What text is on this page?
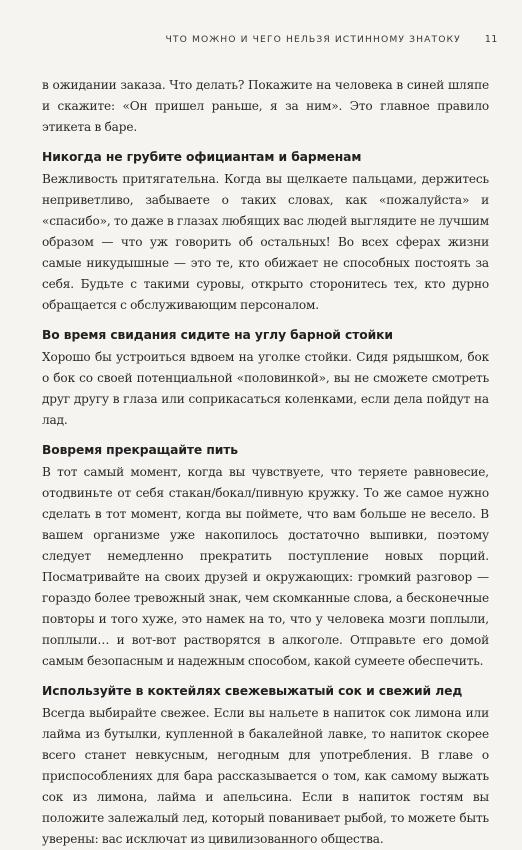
ЧТО МОЖНО И ЧЕГО НЕЛЬЗЯ ИСТИННОМУ ЗНАТОКУ	11

в ожидании заказа. Что делать? Покажите на человека в синей шляпе и скажите: «Он пришел раньше, я за ним». Это главное правило этикета в баре.

Никогда не грубите официантам и барменам

Вежливость притягательна. Когда вы щелкаете пальцами, держитесь неприветливо, забываете о таких словах, как «пожалуйста» и «спасибо», то даже в глазах любящих вас людей выглядите не лучшим образом — что уж говорить об остальных! Во всех сферах жизни самые никудышные — это те, кто обижает не способных постоять за себя. Будьте с такими суровы, открыто сторонитесь тех, кто дурно обращается с обслуживающим персоналом.

Во время свидания сидите на углу барной стойки

Хорошо бы устроиться вдвоем на уголке стойки. Сидя рядышком, бок о бок со своей потенциальной «половинкой», вы не сможете смотреть друг другу в глаза или соприкасаться коленками, если дела пойдут на лад.

Вовремя прекращайте пить

В тот самый момент, когда вы чувствуете, что теряете равновесие, отодвиньте от себя стакан/бокал/пивную кружку. То же самое нужно сделать в тот момент, когда вы поймете, что вам больше не весело. В вашем организме уже накопилось достаточно выпивки, поэтому следует немедленно прекратить поступление новых порций. Посматривайте на своих друзей и окружающих: громкий разговор — гораздо более тревожный знак, чем скомканные слова, а бесконечные повторы и того хуже, это намек на то, что у человека мозги поплыли, поплыли… и вот-вот растворятся в алкоголе. Отправьте его домой самым безопасным и надежным способом, какой сумеете обеспечить.

Используйте в коктейлях свежевыжатый сок и свежий лед

Всегда выбирайте свежее. Если вы нальете в напиток сок лимона или лайма из бутылки, купленной в бакалейной лавке, то напиток скорее всего станет невкусным, негодным для употребления. В главе о приспособлениях для бара рассказывается о том, как самому выжать сок из лимона, лайма и апельсина. Если в напиток гостям вы положите залежалый лед, который пованивает рыбой, то можете быть уверены: вас исключат из цивилизованного общества.
